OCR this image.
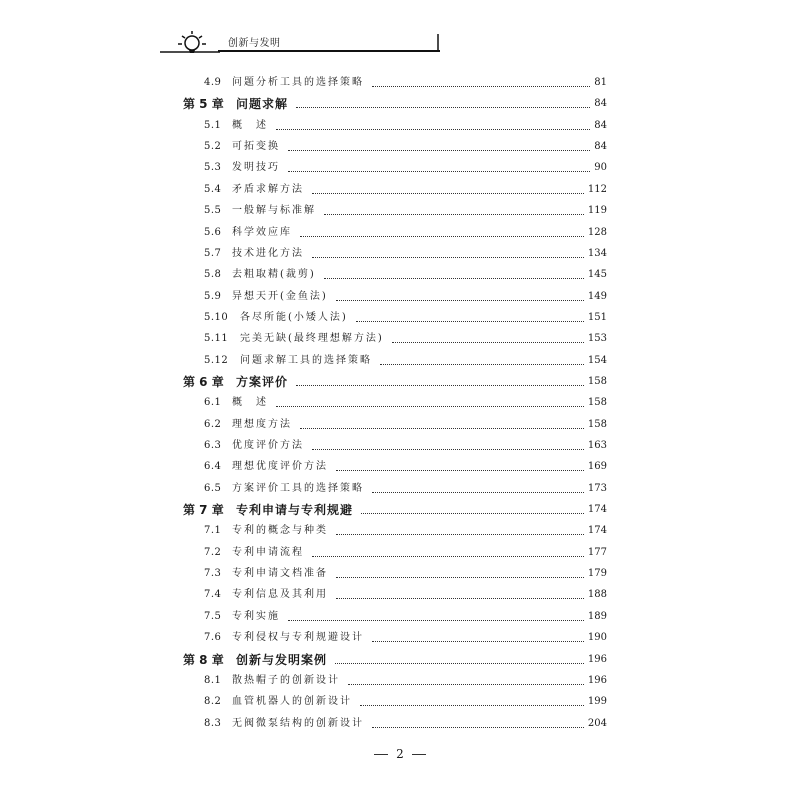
创新与发明
4.9 问题分析工具的选择策略	81
第 5 章 问题求解	84
5.1 概　述	84
5.2 可拓变换	84
5.3 发明技巧	90
5.4 矛盾求解方法	112
5.5 一般解与标准解	119
5.6 科学效应库	128
5.7 技术进化方法	134
5.8 去粗取精(裁剪)	145
5.9 异想天开(金鱼法)	149
5.10 各尽所能(小矮人法)	151
5.11 完美无缺(最终理想解方法)	153
5.12 问题求解工具的选择策略	154
第 6 章 方案评价	158
6.1 概　述	158
6.2 理想度方法	158
6.3 优度评价方法	163
6.4 理想优度评价方法	169
6.5 方案评价工具的选择策略	173
第 7 章 专利申请与专利规避	174
7.1 专利的概念与种类	174
7.2 专利申请流程	177
7.3 专利申请文档准备	179
7.4 专利信息及其利用	188
7.5 专利实施	189
7.6 专利侵权与专利规避设计	190
第 8 章 创新与发明案例	196
8.1 散热帽子的创新设计	196
8.2 血管机器人的创新设计	199
8.3 无阀微泵结构的创新设计	204
2
